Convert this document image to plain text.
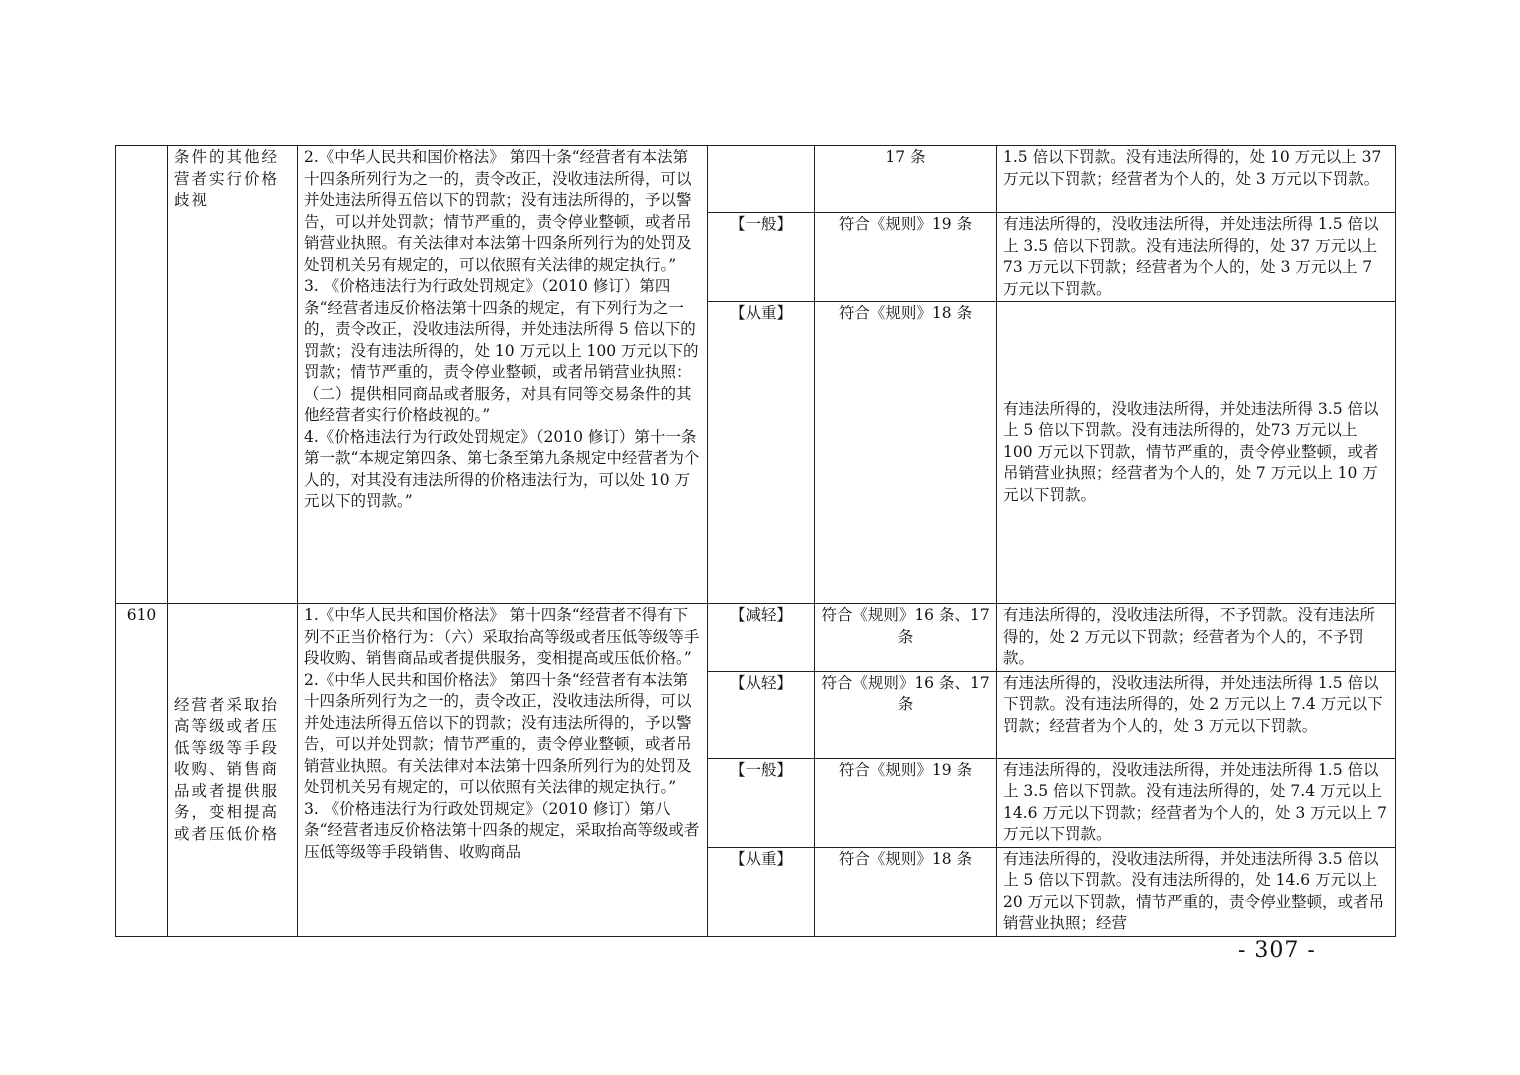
	条件的其他经营者实行价格歧视	2.《中华人民共和国价格法》 第四十条“经营者有本法第十四条所列行为之一的，责令改正，没收违法所得，可以并处违法所得五倍以下的罚款；没有违法所得的，予以警告，可以并处罚款；情节严重的，责令停业整顿，或者吊销营业执照。有关法律对本法第十四条所列行为的处罚及处罚机关另有规定的，可以依照有关法律的规定执行。”
3. 《价格违法行为行政处罚规定》（2010 修订）第四条“经营者违反价格法第十四条的规定，有下列行为之一的，责令改正，没收违法所得，并处违法所得 5 倍以下的罚款；没有违法所得的，处 10 万元以上 100 万元以下的罚款；情节严重的，责令停业整顿，或者吊销营业执照：（二）提供相同商品或者服务，对具有同等交易条件的其他经营者实行价格歧视的。”
4.《价格违法行为行政处罚规定》（2010 修订）第十一条第一款“本规定第四条、第七条至第九条规定中经营者为个人的，对其没有违法所得的价格违法行为，可以处 10 万元以下的罚款。”		17 条	1.5 倍以下罚款。没有违法所得的，处 10 万元以上 37 万元以下罚款；经营者为个人的，处 3 万元以下罚款。
			【一般】	符合《规则》19 条	有违法所得的，没收违法所得，并处违法所得 1.5 倍以上 3.5 倍以下罚款。没有违法所得的，处 37 万元以上 73 万元以下罚款；经营者为个人的，处 3 万元以上 7 万元以下罚款。
			【从重】	符合《规则》18 条	有违法所得的，没收违法所得，并处违法所得 3.5 倍以上 5 倍以下罚款。没有违法所得的，处73 万元以上 100 万元以下罚款，情节严重的，责令停业整顿，或者吊销营业执照；经营者为个人的，处 7 万元以上 10 万元以下罚款。
610	经营者采取抬高等级或者压低等级等手段收购、销售商品或者提供服务，变相提高或者压低价格	1.《中华人民共和国价格法》 第十四条“经营者不得有下列不正当价格行为：（六）采取抬高等级或者压低等级等手段收购、销售商品或者提供服务，变相提高或压低价格。”
2.《中华人民共和国价格法》 第四十条“经营者有本法第十四条所列行为之一的，责令改正，没收违法所得，可以并处违法所得五倍以下的罚款；没有违法所得的，予以警告，可以并处罚款；情节严重的，责令停业整顿，或者吊销营业执照。有关法律对本法第十四条所列行为的处罚及处罚机关另有规定的，可以依照有关法律的规定执行。”
3. 《价格违法行为行政处罚规定》（2010 修订）第八条“经营者违反价格法第十四条的规定，采取抬高等级或者压低等级等手段销售、收购商品	【减轻】	符合《规则》16 条、17 条	有违法所得的，没收违法所得，不予罚款。没有违法所得的，处 2 万元以下罚款；经营者为个人的，不予罚款。
			【从轻】	符合《规则》16 条、17 条	有违法所得的，没收违法所得，并处违法所得 1.5 倍以下罚款。没有违法所得的，处 2 万元以上 7.4 万元以下罚款；经营者为个人的，处 3 万元以下罚款。
			【一般】	符合《规则》19 条	有违法所得的，没收违法所得，并处违法所得 1.5 倍以上 3.5 倍以下罚款。没有违法所得的，处 7.4 万元以上 14.6 万元以下罚款；经营者为个人的，处 3 万元以上 7 万元以下罚款。
			【从重】	符合《规则》18 条	有违法所得的，没收违法所得，并处违法所得 3.5 倍以上 5 倍以下罚款。没有违法所得的，处 14.6 万元以上 20 万元以下罚款，情节严重的，责令停业整顿，或者吊销营业执照；经营
- 307 -
